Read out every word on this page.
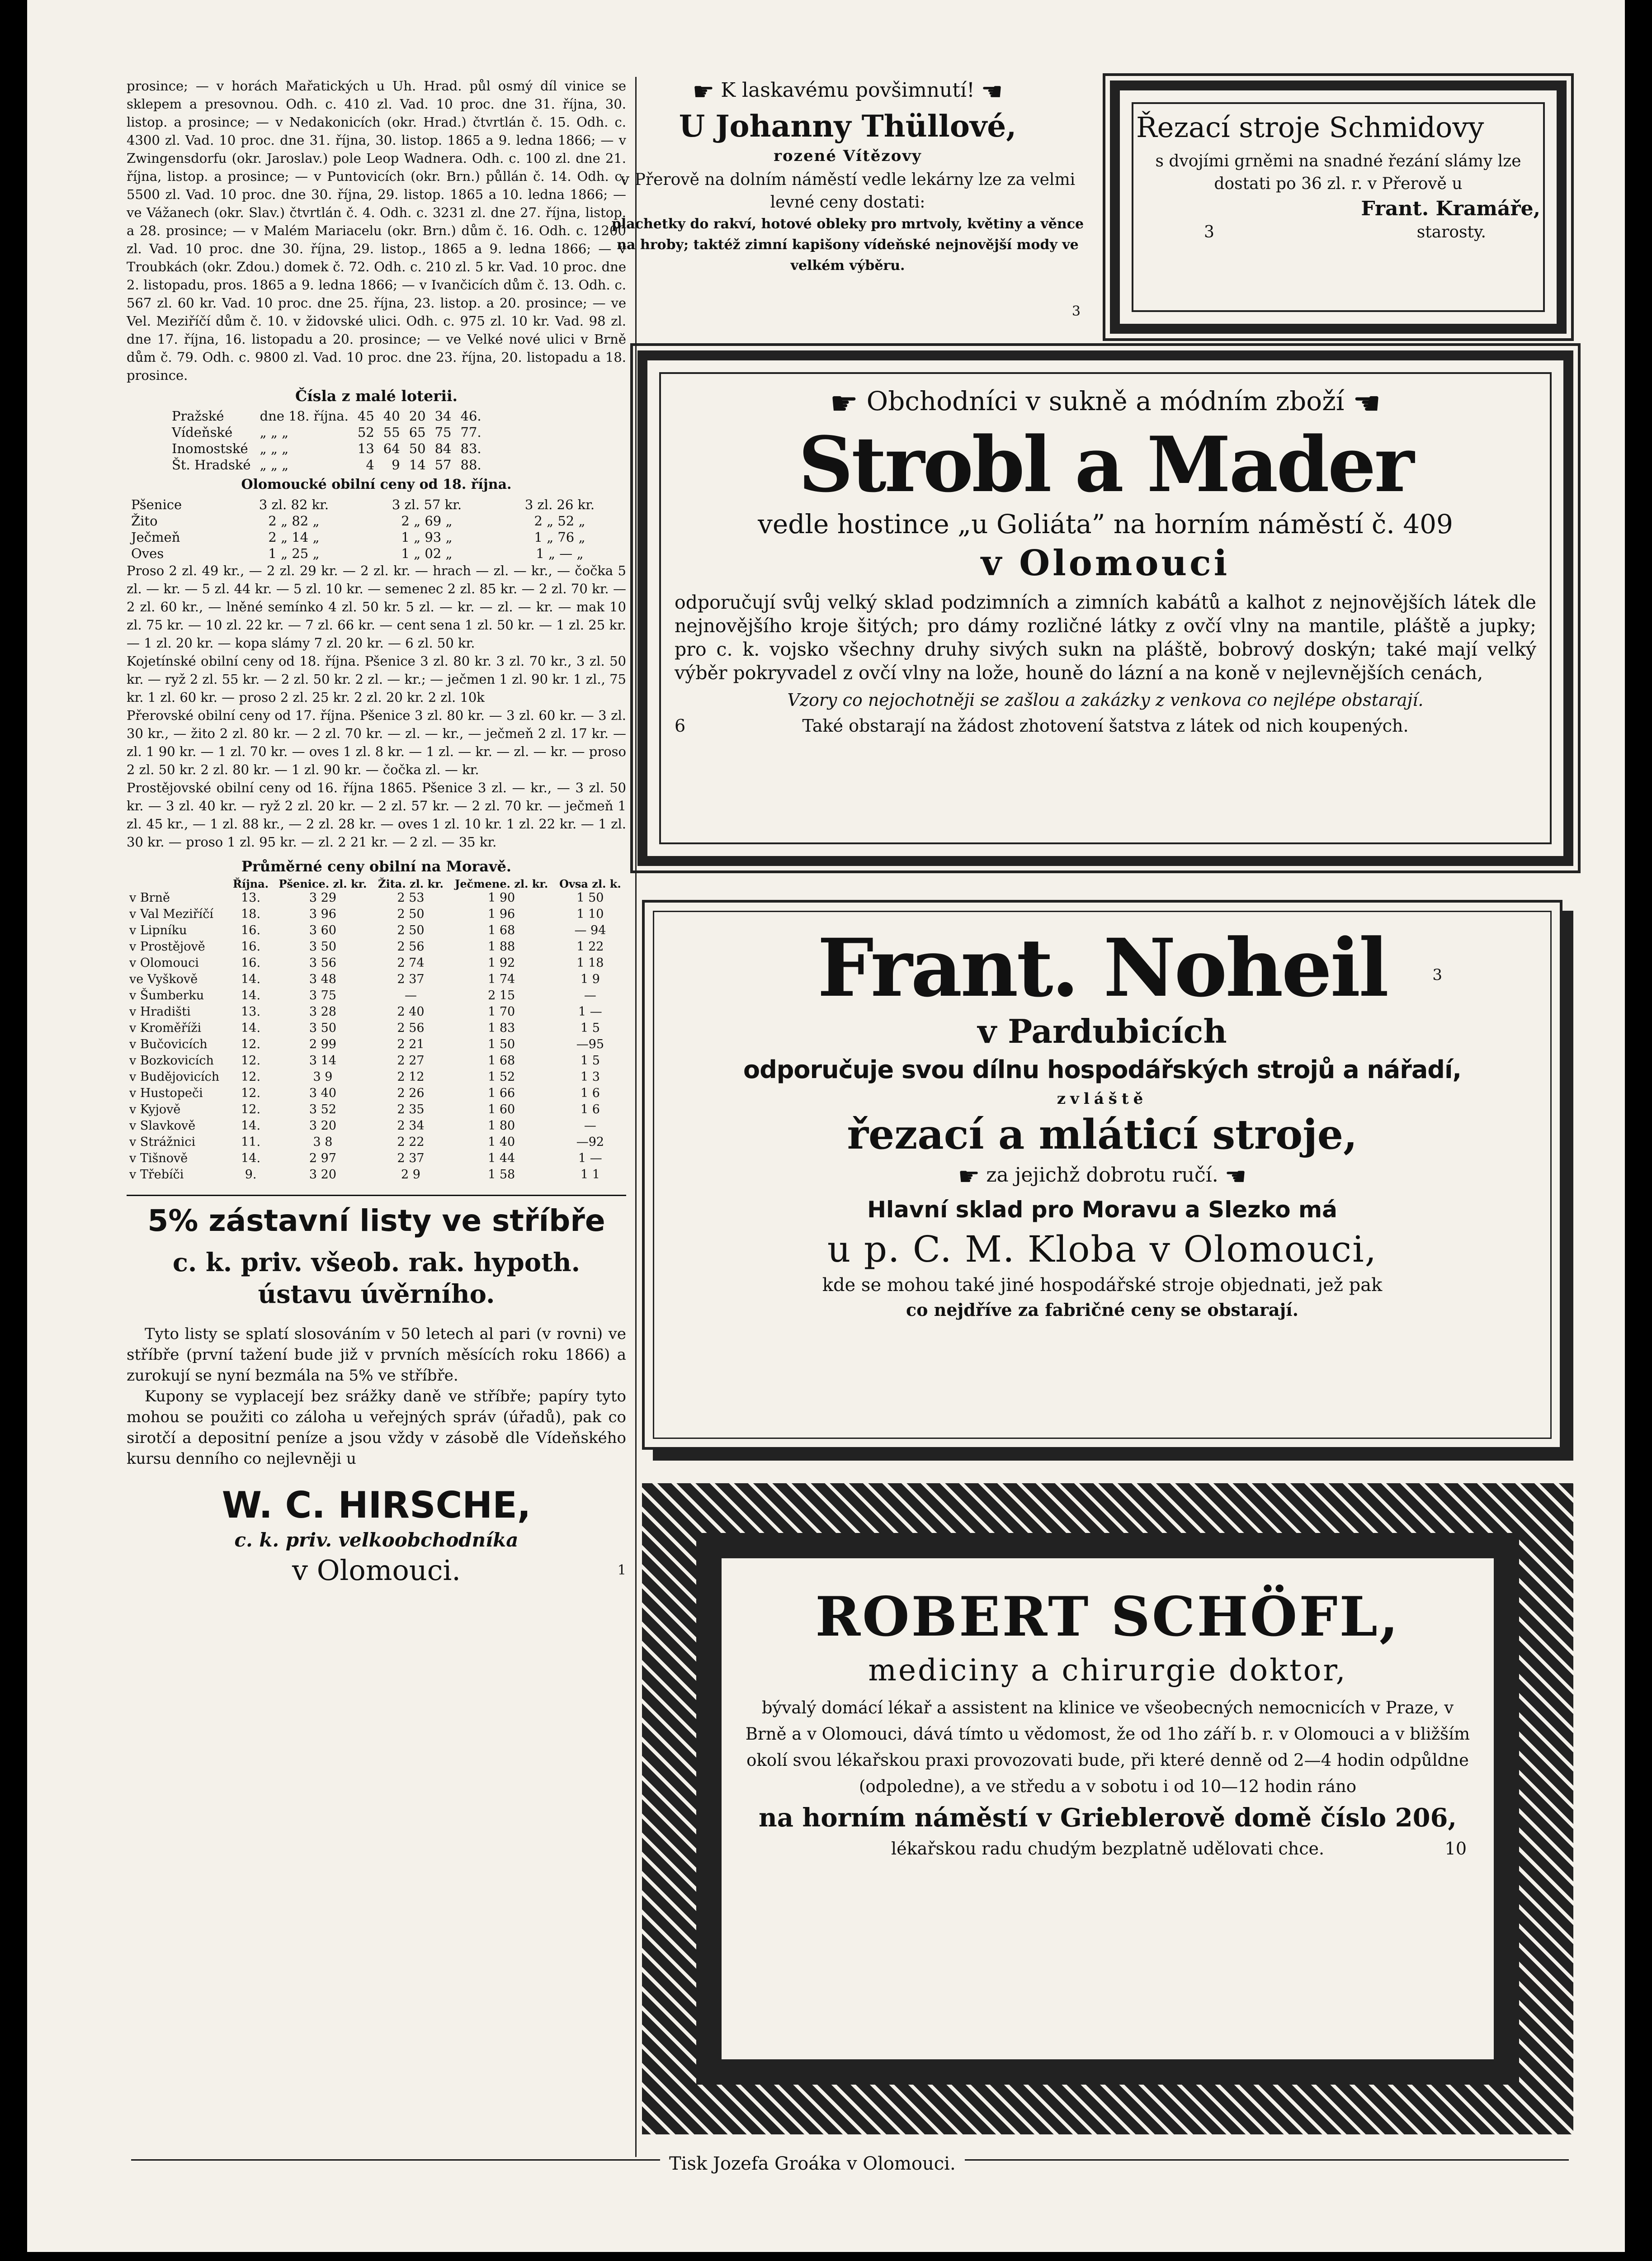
prosince; — v horách Mařatických u Uh. Hrad. půl osmý díl vinice se sklepem a presovnou. Odh. c. 410 zl. Vad. 10 proc. dne 31. října, 30. listop. a prosince; — v Nedakonicích (okr. Hrad.) čtvrtlán č. 15. Odh. c. 4300 zl. Vad. 10 proc. dne 31. října, 30. listop. 1865 a 9. ledna 1866; — v Zwingensdorfu (okr. Jaroslav.) pole Leop Wadnera. Odh. c. 100 zl. dne 21. října, listop. a prosince; — v Puntovicích (okr. Brn.) půllán č. 14. Odh. c. 5500 zl. Vad. 10 proc. dne 30. října, 29. listop. 1865 a 10. ledna 1866; — ve Vážanech (okr. Slav.) čtvrtlán č. 4. Odh. c. 3231 zl. dne 27. října, listop. a 28. prosince; — v Malém Mariacelu (okr. Brn.) dům č. 16. Odh. c. 1200 zl. Vad. 10 proc. dne 30. října, 29. listop., 1865 a 9. ledna 1866; — v Troubkách (okr. Zdou.) domek č. 72. Odh. c. 210 zl. 5 kr. Vad. 10 proc. dne 2. listopadu, pros. 1865 a 9. ledna 1866; — v Ivančicích dům č. 13. Odh. c. 567 zl. 60 kr. Vad. 10 proc. dne 25. října, 23. listop. a 20. prosince; — ve Vel. Meziříčí dům č. 10. v židovské ulici. Odh. c. 975 zl. 10 kr. Vad. 98 zl. dne 17. října, 16. listopadu a 20. prosince; — ve Velké nové ulici v Brně dům č. 79. Odh. c. 9800 zl. Vad. 10 proc. dne 23. října, 20. listopadu a 18. prosince.

Čísla z malé loterii.
Pražské	dne 18. října.	45	40	20	34	46.
Vídeňské	„ „ „	52	55	65	75	77.
Inomostské	„ „ „	13	64	50	84	83.
Št. Hradské	„ „ „	4	9	14	57	88.
Olomoucké obilní ceny od 18. října.
Pšenice	3 zl. 82 kr.	3 zl. 57 kr.	3 zl. 26 kr.
Žito	2 „ 82 „	2 „ 69 „	2 „ 52 „
Ječmeň	2 „ 14 „	1 „ 93 „	1 „ 76 „
Oves	1 „ 25 „	1 „ 02 „	1 „ — „

Proso 2 zl. 49 kr., — 2 zl. 29 kr. — 2 zl. kr. — hrach — zl. — kr., — čočka 5 zl. — kr. — 5 zl. 44 kr. — 5 zl. 10 kr. — semenec 2 zl. 85 kr. — 2 zl. 70 kr. — 2 zl. 60 kr., — lněné semínko 4 zl. 50 kr. 5 zl. — kr. — zl. — kr. — mak 10 zl. 75 kr. — 10 zl. 22 kr. — 7 zl. 66 kr. — cent sena 1 zl. 50 kr. — 1 zl. 25 kr. — 1 zl. 20 kr. — kopa slámy 7 zl. 20 kr. — 6 zl. 50 kr.

Kojetínské obilní ceny od 18. října. Pšenice 3 zl. 80 kr. 3 zl. 70 kr., 3 zl. 50 kr. — ryž 2 zl. 55 kr. — 2 zl. 50 kr. 2 zl. — kr.; — ječmen 1 zl. 90 kr. 1 zl., 75 kr. 1 zl. 60 kr. — proso 2 zl. 25 kr. 2 zl. 20 kr. 2 zl. 10k

Přerovské obilní ceny od 17. října. Pšenice 3 zl. 80 kr. — 3 zl. 60 kr. — 3 zl. 30 kr., — žito 2 zl. 80 kr. — 2 zl. 70 kr. — zl. — kr., — ječmeň 2 zl. 17 kr. — zl. 1 90 kr. — 1 zl. 70 kr. — oves 1 zl. 8 kr. — 1 zl. — kr. — zl. — kr. — proso 2 zl. 50 kr. 2 zl. 80 kr. — 1 zl. 90 kr. — čočka zl. — kr.

Prostějovské obilní ceny od 16. října 1865. Pšenice 3 zl. — kr., — 3 zl. 50 kr. — 3 zl. 40 kr. — ryž 2 zl. 20 kr. — 2 zl. 57 kr. — 2 zl. 70 kr. — ječmeň 1 zl. 45 kr., — 1 zl. 88 kr., — 2 zl. 28 kr. — oves 1 zl. 10 kr. 1 zl. 22 kr. — 1 zl. 30 kr. — proso 1 zl. 95 kr. — zl. 2 21 kr. — 2 zl. — 35 kr.

Průměrné ceny obilní na Moravě.
	Října.	Pšenice. zl. kr.	Žita. zl. kr.	Ječmene. zl. kr.	Ovsa zl. k.
v Brně	13.	3 29	2 53	1 90	1 50
v Val Meziříčí	18.	3 96	2 50	1 96	1 10
v Lipníku	16.	3 60	2 50	1 68	— 94
v Prostějově	16.	3 50	2 56	1 88	1 22
v Olomouci	16.	3 56	2 74	1 92	1 18
ve Vyškově	14.	3 48	2 37	1 74	1 9
v Šumberku	14.	3 75	—	2 15	—
v Hradišti	13.	3 28	2 40	1 70	1 —
v Kroměříži	14.	3 50	2 56	1 83	1 5
v Bučovicích	12.	2 99	2 21	1 50	—95
v Bozkovicích	12.	3 14	2 27	1 68	1 5
v Budějovicích	12.	3 9	2 12	1 52	1 3
v Hustopeči	12.	3 40	2 26	1 66	1 6
v Kyjově	12.	3 52	2 35	1 60	1 6
v Slavkově	14.	3 20	2 34	1 80	—
v Strážnici	11.	3 8	2 22	1 40	—92
v Tišnově	14.	2 97	2 37	1 44	1 —
v Třebíči	9.	3 20	2 9	1 58	1 1
5% zástavní listy ve stříbře
c. k. priv. všeob. rak. hypoth.
ústavu úvěrního.

Tyto listy se splatí slosováním v 50 letech al pari (v rovni) ve stříbře (první tažení bude již v prvních měsících roku 1866) a zurokují se nyní bezmála na 5% ve stříbře.

Kupony se vyplacejí bez srážky daně ve stříbře; papíry tyto mohou se použiti co záloha u veřejných správ (úřadů), pak co sirotčí a depositní peníze a jsou vždy v zásobě dle Vídeňského kursu denního co nejlevněji u

W. C. HIRSCHE,
c. k. priv. velkoobchodníka
v Olomouci.	1
☛ K laskavému povšimnutí! ☚
U Johanny Thüllové,
rozené Vítězovy

v Přerově na dolním náměstí vedle lekárny lze za velmi levné ceny dostati:

plachetky do rakví, hotové obleky pro mrtvoly, květiny a věnce na hroby; taktéž zimní kapišony vídeňské nejnovější mody ve velkém výběru.

3
Řezací stroje Schmidovy

s dvojími grněmi na snadné řezání slámy lze dostati po 36 zl. r. v Přerově u

Frant. Kramáře,
3	starosty.
☛ Obchodníci v sukně a módním zboží ☚
Strobl a Mader
vedle hostince „u Goliáta” na horním náměstí č. 409
v Olomouci

odporučují svůj velký sklad podzimních a zimních kabátů a kalhot z nejnovějších látek dle nejnovějšího kroje šitých; pro dámy rozličné látky z ovčí vlny na mantile, pláště a jupky; pro c. k. vojsko všechny druhy sivých sukn na pláště, bobrový doskýn; také mají velký výběr pokryvadel z ovčí vlny na lože, houně do lázní a na koně v nejlevnějších cenách,

Vzory co nejochotněji se zašlou a zakázky z venkova co nejlépe obstarají.
6	Také obstarají na žádost zhotovení šatstva z látek od nich koupených.
Frant. Noheil	3
v Pardubicích
odporučuje svou dílnu hospodářských strojů a nářadí,
zvláště
řezací a mláticí stroje,
☛ za jejichž dobrotu ručí. ☚
Hlavní sklad pro Moravu a Slezko má
u p. C. M. Kloba v Olomouci,
kde se mohou také jiné hospodářské stroje objednati, jež pak
co nejdříve za fabričné ceny se obstarají.
ROBERT SCHÖFL,
mediciny a chirurgie doktor,

bývalý domácí lékař a assistent na klinice ve všeobecných nemocnicích v Praze, v Brně a v Olomouci, dává tímto u vědomost, že od 1ho září b. r. v Olomouci a v bližším okolí svou lékařskou praxi provozovati bude, při které denně od 2—4 hodin odpůldne (odpoledne), a ve středu a v sobotu i od 10—12 hodin ráno

na horním náměstí v Grieblerově domě číslo 206,
lékařskou radu chudým bezplatně udělovati chce.	10
Tisk Jozefa Groáka v Olomouci.
